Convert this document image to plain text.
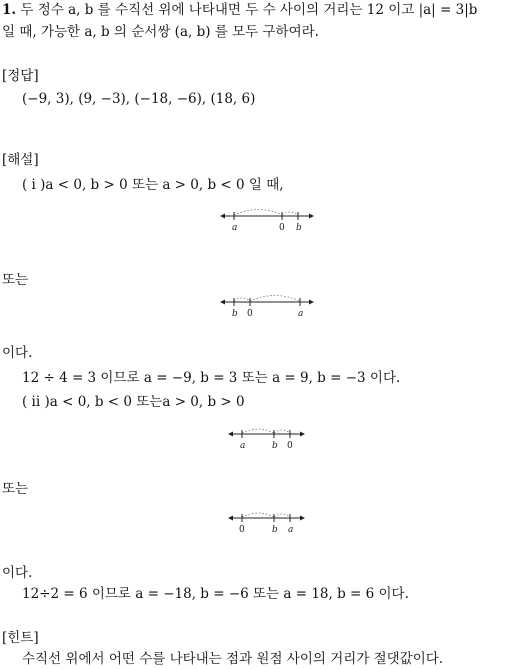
1. 두 정수 a, b 를 수직선 위에 나타내면 두 수 사이의 거리는 12 이고 |a| = 3|b
일 때, 가능한 a, b 의 순서쌍 (a, b) 를 모두 구하여라.
[정답]
(−9, 3), (9, −3), (−18, −6), (18, 6)
[해설]
( i )a < 0, b > 0 또는 a > 0, b < 0 일 때,
a	0 b
또는
b 0	a
이다.
12 ÷ 4 = 3 이므로 a = −9, b = 3 또는 a = 9, b = −3 이다.
( ii )a < 0, b < 0 또는a > 0, b > 0
a	b 0
또는
0	b a
이다.
12÷2 = 6 이므로 a = −18, b = −6 또는 a = 18, b = 6 이다.
[힌트]
수직선 위에서 어떤 수를 나타내는 점과 원점 사이의 거리가 절댓값이다.
